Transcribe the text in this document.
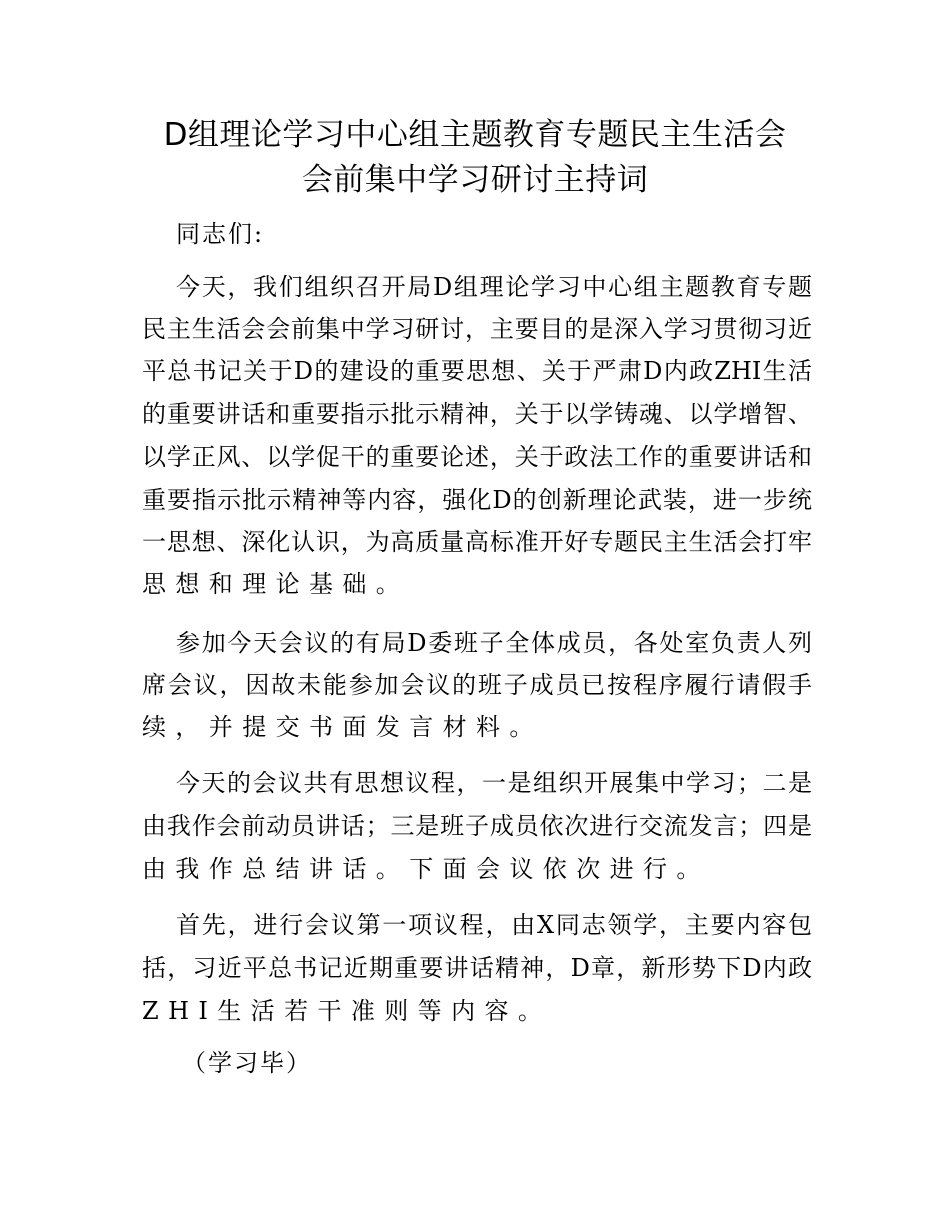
D组理论学习中心组主题教育专题民主生活会
会前集中学习研讨主持词
同志们:
今天，我们组织召开局D组理论学习中心组主题教育专题
民主生活会会前集中学习研讨，主要目的是深入学习贯彻习近
平总书记关于D的建设的重要思想、关于严肃D内政ZHI生活
的重要讲话和重要指示批示精神，关于以学铸魂、以学增智、
以学正风、以学促干的重要论述，关于政法工作的重要讲话和
重要指示批示精神等内容，强化D的创新理论武装，进一步统
一思想、深化认识，为高质量高标准开好专题民主生活会打牢
思想和理论基础。
参加今天会议的有局D委班子全体成员，各处室负责人列
席会议，因故未能参加会议的班子成员已按程序履行请假手
续，并提交书面发言材料。
今天的会议共有思想议程，一是组织开展集中学习；二是
由我作会前动员讲话；三是班子成员依次进行交流发言；四是
由我作总结讲话。下面会议依次进行。
首先，进行会议第一项议程，由X同志领学，主要内容包
括，习近平总书记近期重要讲话精神，D章，新形势下D内政
ZHI生活若干准则等内容。
（学习毕）
